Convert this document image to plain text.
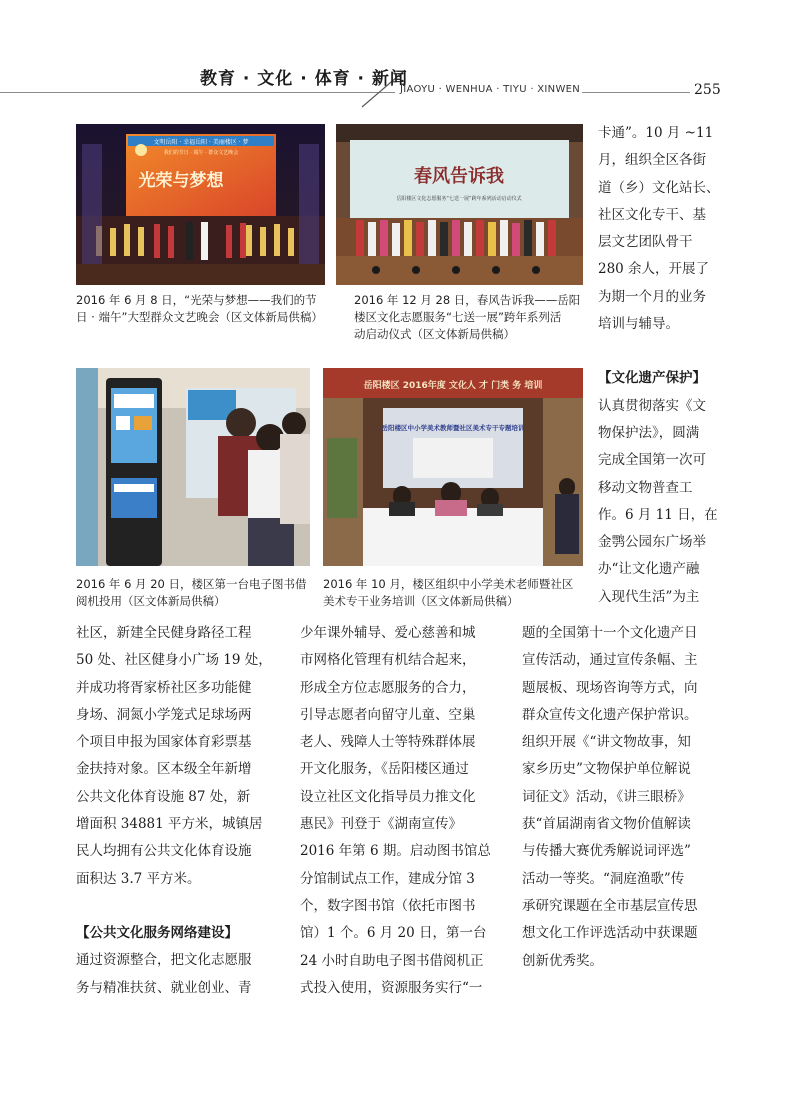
教育 · 文化 · 体育 · 新闻
JIAOYU · WENHUA · TIYU · XINWEN	255
文明岳阳 · 幸福岳阳 · 美丽楼区 · 梦
光荣与梦想
我们的节日 · 端午 · 群众文艺晚会
2016 年 6 月 8 日，“光荣与梦想——我们的节
日 · 端午”大型群众文艺晚会（区文体新局供稿）
春风告诉我
岳阳楼区文化志愿服务“七送一展”跨年系列活动启动仪式
2016 年 12 月 28 日，春风告诉我——岳阳
楼区文化志愿服务“七送一展”跨年系列活
动启动仪式（区文体新局供稿）
2016 年 6 月 20 日，楼区第一台电子图书借
阅机投用（区文体新局供稿）
岳阳楼区 2016年度 文化人 才 门类 务 培训
岳阳楼区中小学美术教师暨社区美术专干专题培训
2016 年 10 月，楼区组织中小学美术老师暨社区
美术专干业务培训（区文体新局供稿）
卡通”。10 月 ~11
月，组织全区各街
道（乡）文化站长、
社区文化专干、基
层文艺团队骨干
280 余人，开展了
为期一个月的业务
培训与辅导。
【文化遗产保护】
认真贯彻落实《文
物保护法》，圆满
完成全国第一次可
移动文物普查工
作。6 月 11 日，在
金鹗公园东广场举
办“让文化遗产融
入现代生活”为主
社区，新建全民健身路径工程
50 处、社区健身小广场 19 处，
并成功将胥家桥社区多功能健
身场、洞氮小学笼式足球场两
个项目申报为国家体育彩票基
金扶持对象。区本级全年新增
公共文化体育设施 87 处，新
增面积 34881 平方米，城镇居
民人均拥有公共文化体育设施
面积达 3.7 平方米。
【公共文化服务网络建设】
通过资源整合，把文化志愿服
务与精准扶贫、就业创业、青
少年课外辅导、爱心慈善和城
市网格化管理有机结合起来，
形成全方位志愿服务的合力，
引导志愿者向留守儿童、空巢
老人、残障人士等特殊群体展
开文化服务，《岳阳楼区通过
设立社区文化指导员力推文化
惠民》刊登于《湖南宣传》
2016 年第 6 期。启动图书馆总
分馆制试点工作，建成分馆 3
个，数字图书馆（依托市图书
馆）1 个。6 月 20 日，第一台
24 小时自助电子图书借阅机正
式投入使用，资源服务实行“一
题的全国第十一个文化遗产日
宣传活动，通过宣传条幅、主
题展板、现场咨询等方式，向
群众宣传文化遗产保护常识。
组织开展《“讲文物故事，知
家乡历史”文物保护单位解说
词征文》活动，《讲三眼桥》
获“首届湖南省文物价值解读
与传播大赛优秀解说词评选”
活动一等奖。“洞庭渔歌”传
承研究课题在全市基层宣传思
想文化工作评选活动中获课题
创新优秀奖。
